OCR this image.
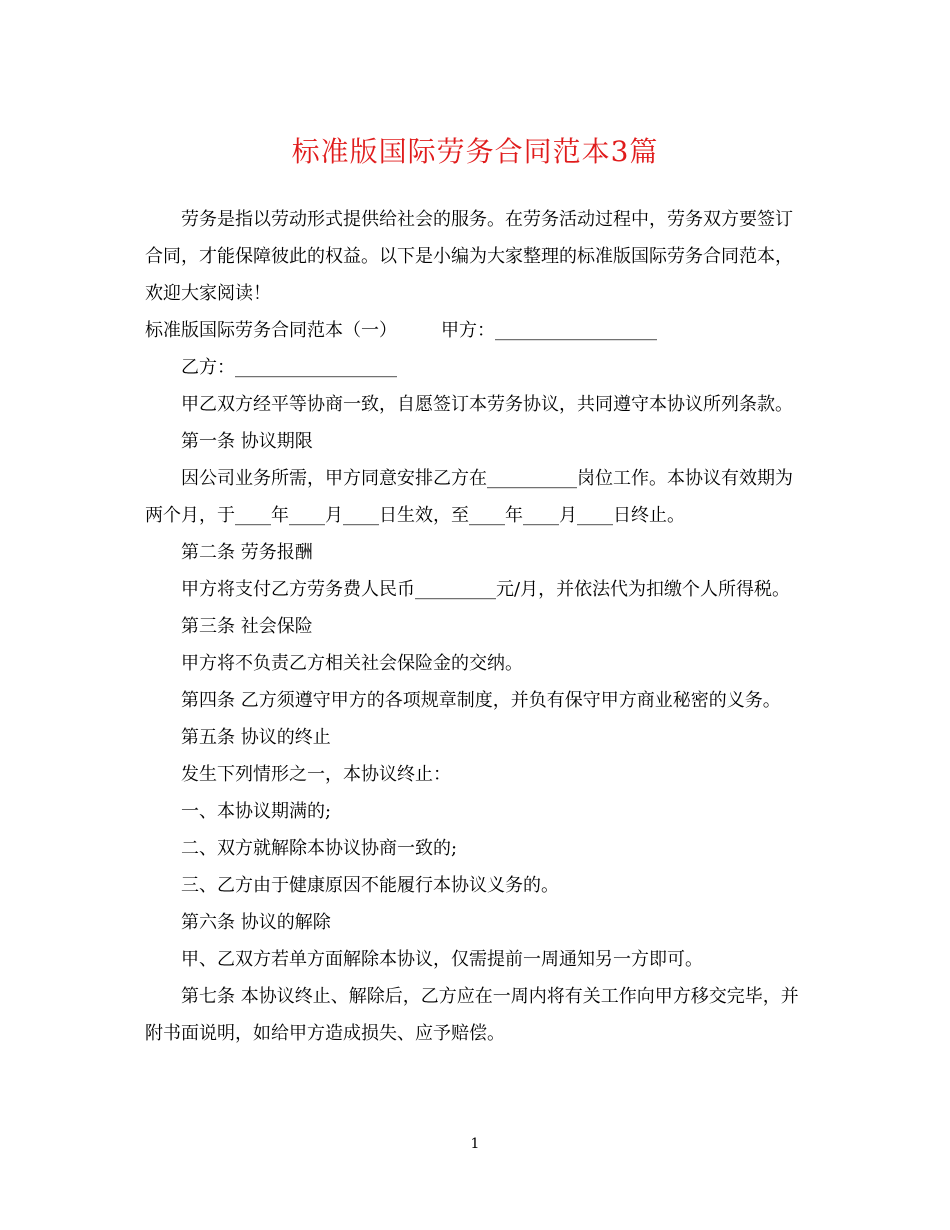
标准版国际劳务合同范本3篇

劳务是指以劳动形式提供给社会的服务。在劳务活动过程中，劳务双方要签订合同，才能保障彼此的权益。以下是小编为大家整理的标准版国际劳务合同范本，欢迎大家阅读！

标准版国际劳务合同范本（一） 甲方：__________________

乙方：__________________

甲乙双方经平等协商一致，自愿签订本劳务协议，共同遵守本协议所列条款。

第一条 协议期限

因公司业务所需，甲方同意安排乙方在__________岗位工作。本协议有效期为两个月，于____年____月____日生效，至____年____月____日终止。

第二条 劳务报酬

甲方将支付乙方劳务费人民币_________元/月，并依法代为扣缴个人所得税。

第三条 社会保险

甲方将不负责乙方相关社会保险金的交纳。

第四条 乙方须遵守甲方的各项规章制度，并负有保守甲方商业秘密的义务。

第五条 协议的终止

发生下列情形之一，本协议终止：

一、本协议期满的;

二、双方就解除本协议协商一致的;

三、乙方由于健康原因不能履行本协议义务的。

第六条 协议的解除

甲、乙双方若单方面解除本协议，仅需提前一周通知另一方即可。

第七条 本协议终止、解除后，乙方应在一周内将有关工作向甲方移交完毕，并附书面说明，如给甲方造成损失、应予赔偿。

1
